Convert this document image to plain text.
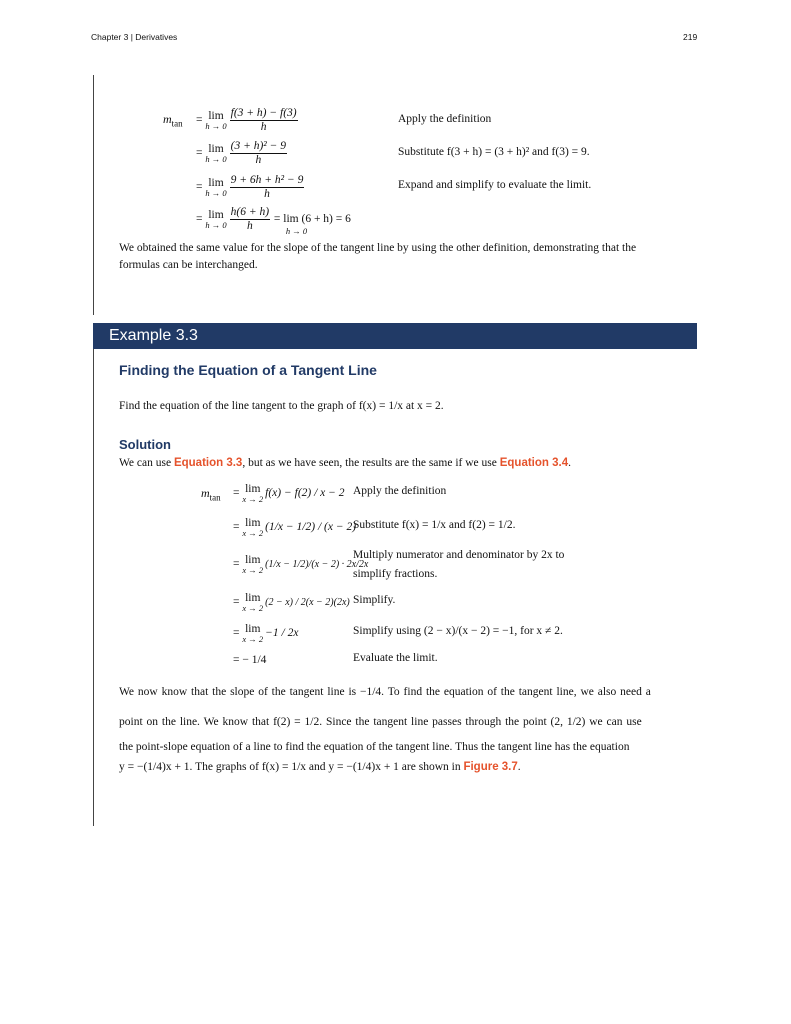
Chapter 3 | Derivatives	219
$m_{tan} = \lim$
$h \to 0 \frac{f(3 + h) - f(3)}{h}$
= lim
$h \to 0 \frac{\text{(3 + h)² − 9}}{h}$
= lim
$h \to 0 \frac{\text{9 + 6h + h² − 9}}{h}$
= lim
$h \to 0 \frac{h(6 + h)}{h}$
= lim (6 + h) = 6
h → 0
Apply the definition
Substitute f(3 + h) = (3 + h)² and f(3) = 9.
Expand and simplify to evaluate the limit.
We obtained the same value for the slope of the tangent line by using the other definition, demonstrating that the formulas can be interchanged.
Example 3.3
Finding the Equation of a Tangent Line
Find the equation of the line tangent to the graph of f(x) = 1/x at x = 2.
Solution
We can use Equation 3.3, but as we have seen, the results are the same if we use Equation 3.4.
$m_{tan} = \lim$
x → 2 f(x) − f(2) / x − 2
= lim
x → 2 (1/x − 1/2) / (x − 2)
= lim
x → 2
(1/x − 1/2)/(x − 2) · 2x/2x
= lim
x → 2
(2 − x) / 2(x − 2)(2x)
= lim
x → 2 −1 / 2x
= − 1/4
Apply the definition
Substitute f(x) = 1/x and f(2) = 1/2.
Multiply numerator and denominator by 2x to
simplify fractions.
Simplify.
Simplify using (2 − x)/(x − 2) = −1, for x ≠ 2.
Evaluate the limit.
We now know that the slope of the tangent line is −1/4. To find the equation of the tangent line, we also need a
point on the line. We know that f(2) = 1/2. Since the tangent line passes through the point (2, 1/2) we can use
the point-slope equation of a line to find the equation of the tangent line. Thus the tangent line has the equation
y = −(1/4)x + 1. The graphs of f(x) = 1/x and y = −(1/4)x + 1 are shown in Figure 3.7.
